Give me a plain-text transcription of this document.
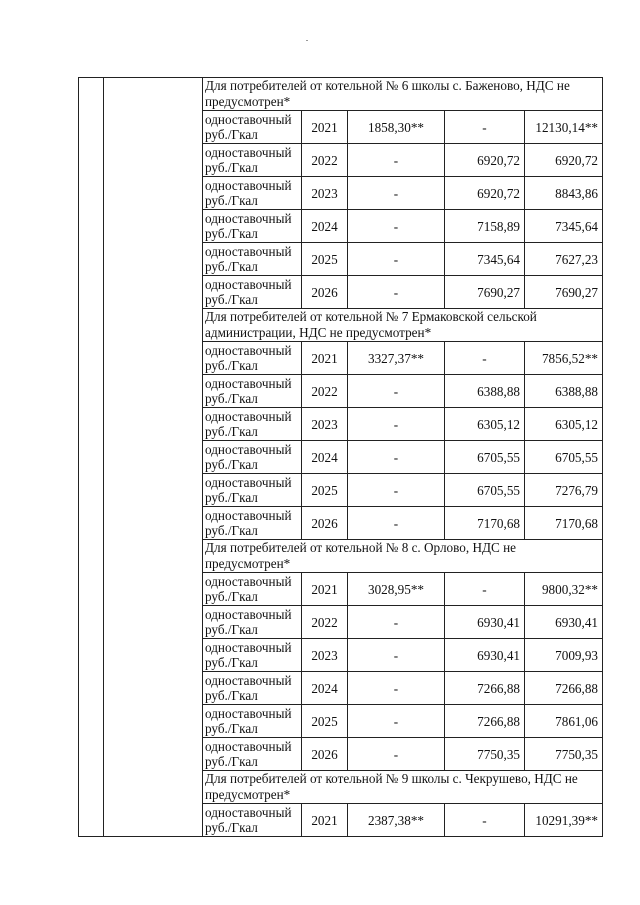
		Для потребителей от котельной № 6 школы с. Баженово, НДС не предусмотрен*				
		одноставочный руб./Гкал	2021	1858,30**	-	12130,14**
		одноставочный руб./Гкал	2022	-	6920,72	6920,72
		одноставочный руб./Гкал	2023	-	6920,72	8843,86
		одноставочный руб./Гкал	2024	-	7158,89	7345,64
		одноставочный руб./Гкал	2025	-	7345,64	7627,23
		одноставочный руб./Гкал	2026	-	7690,27	7690,27
		Для потребителей от котельной № 7 Ермаковской сельской администрации, НДС не предусмотрен*				
		одноставочный руб./Гкал	2021	3327,37**	-	7856,52**
		одноставочный руб./Гкал	2022	-	6388,88	6388,88
		одноставочный руб./Гкал	2023	-	6305,12	6305,12
		одноставочный руб./Гкал	2024	-	6705,55	6705,55
		одноставочный руб./Гкал	2025	-	6705,55	7276,79
		одноставочный руб./Гкал	2026	-	7170,68	7170,68
		Для потребителей от котельной № 8 с. Орлово, НДС не предусмотрен*				
		одноставочный руб./Гкал	2021	3028,95**	-	9800,32**
		одноставочный руб./Гкал	2022	-	6930,41	6930,41
		одноставочный руб./Гкал	2023	-	6930,41	7009,93
		одноставочный руб./Гкал	2024	-	7266,88	7266,88
		одноставочный руб./Гкал	2025	-	7266,88	7861,06
		одноставочный руб./Гкал	2026	-	7750,35	7750,35
		Для потребителей от котельной № 9 школы с. Чекрушево, НДС не предусмотрен*				
		одноставочный руб./Гкал	2021	2387,38**	-	10291,39**
